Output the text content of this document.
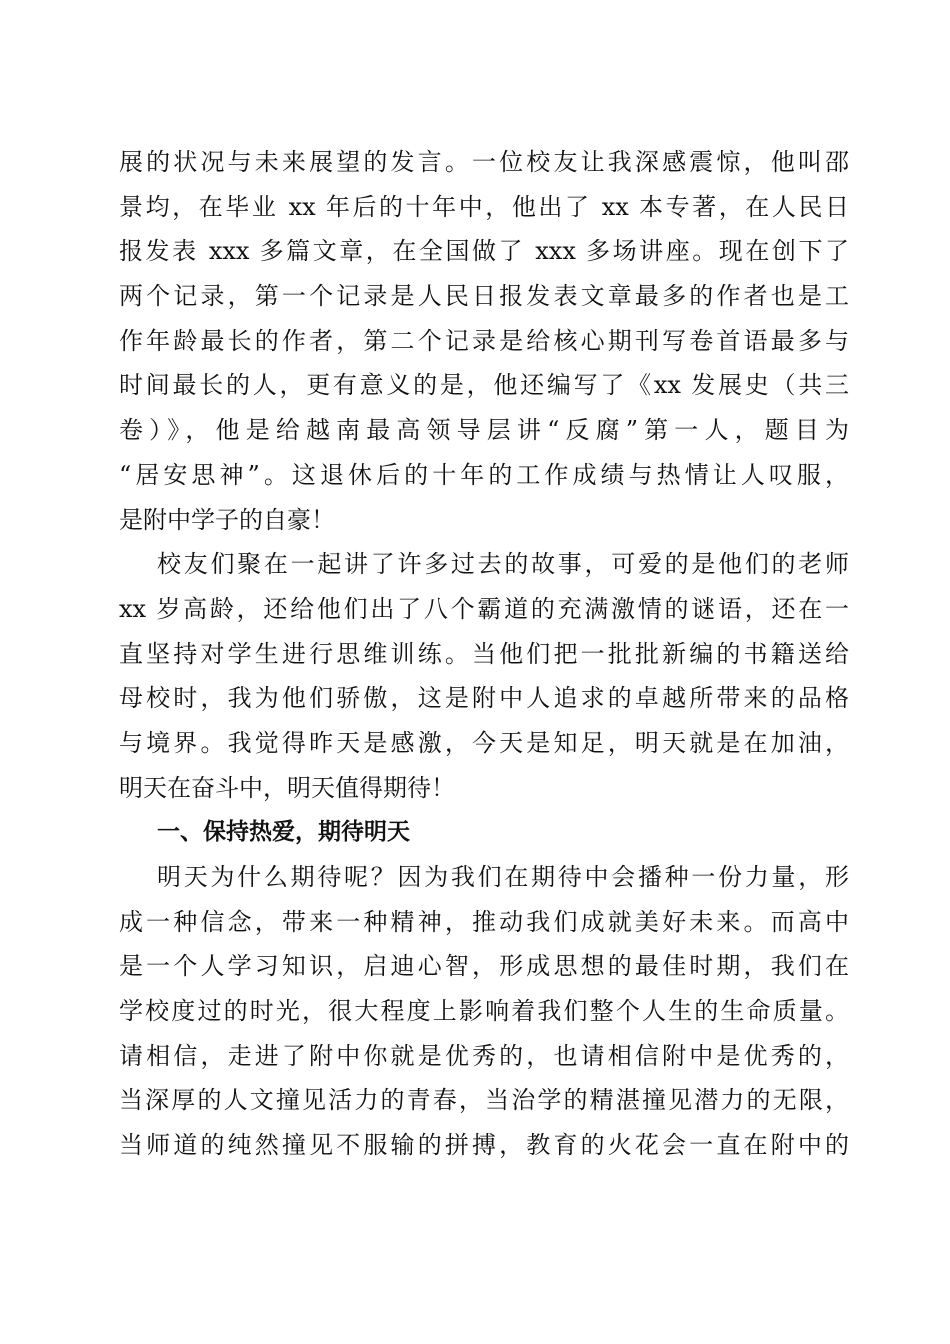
展的状况与未来展望的发言。一位校友让我深感震惊，他叫邵
景均，在毕业 xx 年后的十年中，他出了 xx 本专著，在人民日
报发表 xxx 多篇文章，在全国做了 xxx 多场讲座。现在创下了
两个记录，第一个记录是人民日报发表文章最多的作者也是工
作年龄最长的作者，第二个记录是给核心期刊写卷首语最多与
时间最长的人，更有意义的是，他还编写了《xx 发展史（共三
卷）》，他是给越南最高领导层讲“反腐”第一人，题目为
“居安思神”。这退休后的十年的工作成绩与热情让人叹服，
是附中学子的自豪！
校友们聚在一起讲了许多过去的故事，可爱的是他们的老师
xx 岁高龄，还给他们出了八个霸道的充满激情的谜语，还在一
直坚持对学生进行思维训练。当他们把一批批新编的书籍送给
母校时，我为他们骄傲，这是附中人追求的卓越所带来的品格
与境界。我觉得昨天是感激，今天是知足，明天就是在加油，
明天在奋斗中，明天值得期待！
一、保持热爱，期待明天
明天为什么期待呢？因为我们在期待中会播种一份力量，形
成一种信念，带来一种精神，推动我们成就美好未来。而高中
是一个人学习知识，启迪心智，形成思想的最佳时期，我们在
学校度过的时光，很大程度上影响着我们整个人生的生命质量。
请相信，走进了附中你就是优秀的，也请相信附中是优秀的，
当深厚的人文撞见活力的青春，当治学的精湛撞见潜力的无限，
当师道的纯然撞见不服输的拼搏，教育的火花会一直在附中的
